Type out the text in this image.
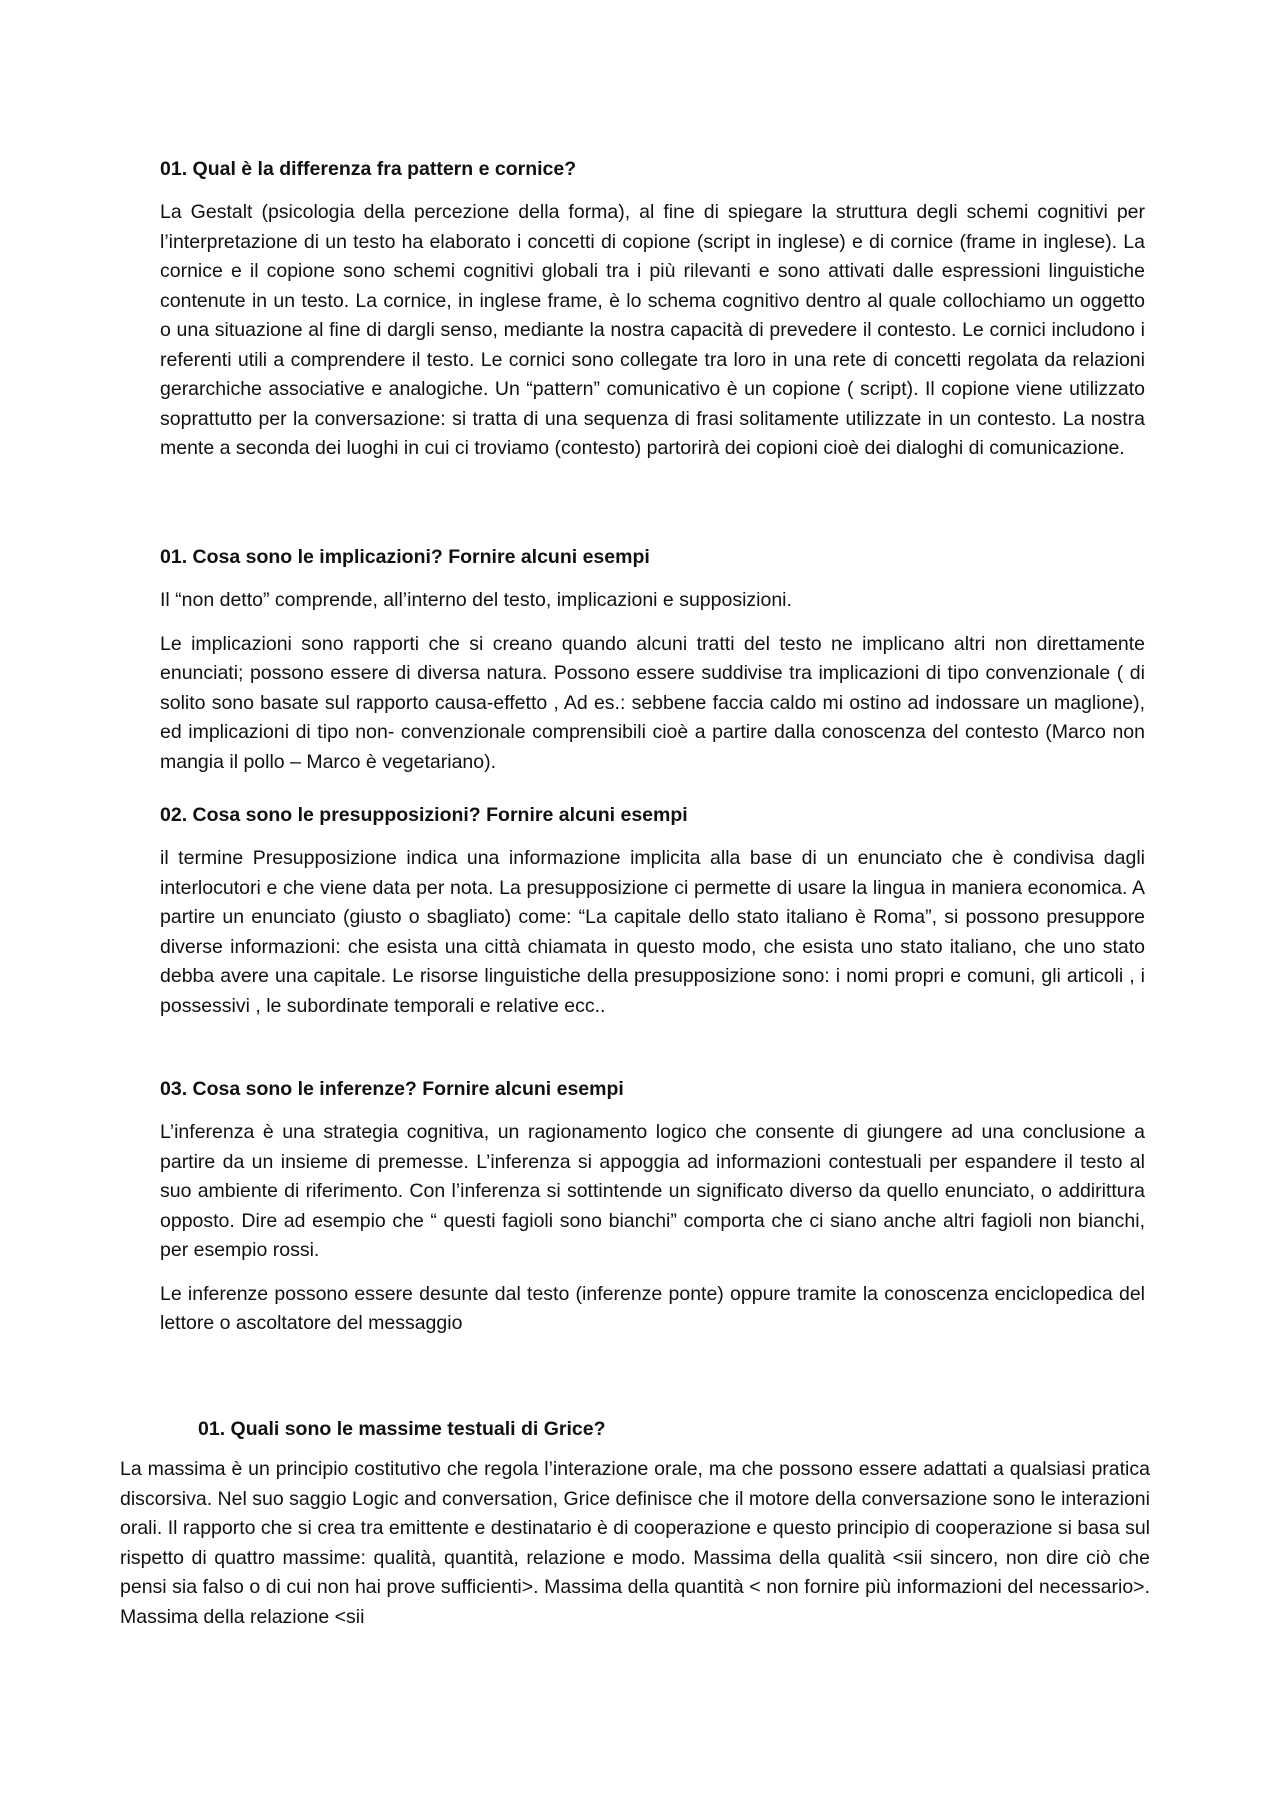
01. Qual è la differenza fra pattern e cornice?

La Gestalt (psicologia della percezione della forma), al fine di spiegare la struttura degli schemi cognitivi per l’interpretazione di un testo ha elaborato i concetti di copione (script in inglese) e di cornice (frame in inglese). La cornice e il copione sono schemi cognitivi globali tra i più rilevanti e sono attivati dalle espressioni linguistiche contenute in un testo. La cornice, in inglese frame, è lo schema cognitivo dentro al quale collochiamo un oggetto o una situazione al fine di dargli senso, mediante la nostra capacità di prevedere il contesto. Le cornici includono i referenti utili a comprendere il testo. Le cornici sono collegate tra loro in una rete di concetti regolata da relazioni gerarchiche associative e analogiche. Un “pattern” comunicativo è un copione ( script). Il copione viene utilizzato soprattutto per la conversazione: si tratta di una sequenza di frasi solitamente utilizzate in un contesto. La nostra mente a seconda dei luoghi in cui ci troviamo (contesto) partorirà dei copioni cioè dei dialoghi di comunicazione.

01. Cosa sono le implicazioni? Fornire alcuni esempi

Il “non detto” comprende, all’interno del testo, implicazioni e supposizioni.

Le implicazioni sono rapporti che si creano quando alcuni tratti del testo ne implicano altri non direttamente enunciati; possono essere di diversa natura. Possono essere suddivise tra implicazioni di tipo convenzionale ( di solito sono basate sul rapporto causa-effetto , Ad es.: sebbene faccia caldo mi ostino ad indossare un maglione), ed implicazioni di tipo non- convenzionale comprensibili cioè a partire dalla conoscenza del contesto (Marco non mangia il pollo – Marco è vegetariano).

02. Cosa sono le presupposizioni? Fornire alcuni esempi

il termine Presupposizione indica una informazione implicita alla base di un enunciato che è condivisa dagli interlocutori e che viene data per nota. La presupposizione ci permette di usare la lingua in maniera economica. A partire un enunciato (giusto o sbagliato) come: “La capitale dello stato italiano è Roma”, si possono presuppore diverse informazioni: che esista una città chiamata in questo modo, che esista uno stato italiano, che uno stato debba avere una capitale. Le risorse linguistiche della presupposizione sono: i nomi propri e comuni, gli articoli , i possessivi , le subordinate temporali e relative ecc..

03. Cosa sono le inferenze? Fornire alcuni esempi

L’inferenza è una strategia cognitiva, un ragionamento logico che consente di giungere ad una conclusione a partire da un insieme di premesse. L’inferenza si appoggia ad informazioni contestuali per espandere il testo al suo ambiente di riferimento. Con l’inferenza si sottintende un significato diverso da quello enunciato, o addirittura opposto. Dire ad esempio che “ questi fagioli sono bianchi” comporta che ci siano anche altri fagioli non bianchi, per esempio rossi.

Le inferenze possono essere desunte dal testo (inferenze ponte) oppure tramite la conoscenza enciclopedica del lettore o ascoltatore del messaggio

01. Quali sono le massime testuali di Grice?

La massima è un principio costitutivo che regola l’interazione orale, ma che possono essere adattati a qualsiasi pratica discorsiva. Nel suo saggio Logic and conversation, Grice definisce che il motore della conversazione sono le interazioni orali. Il rapporto che si crea tra emittente e destinatario è di cooperazione e questo principio di cooperazione si basa sul rispetto di quattro massime: qualità, quantità, relazione e modo. Massima della qualità <sii sincero, non dire ciò che pensi sia falso o di cui non hai prove sufficienti>. Massima della quantità < non fornire più informazioni del necessario>. Massima della relazione <sii
